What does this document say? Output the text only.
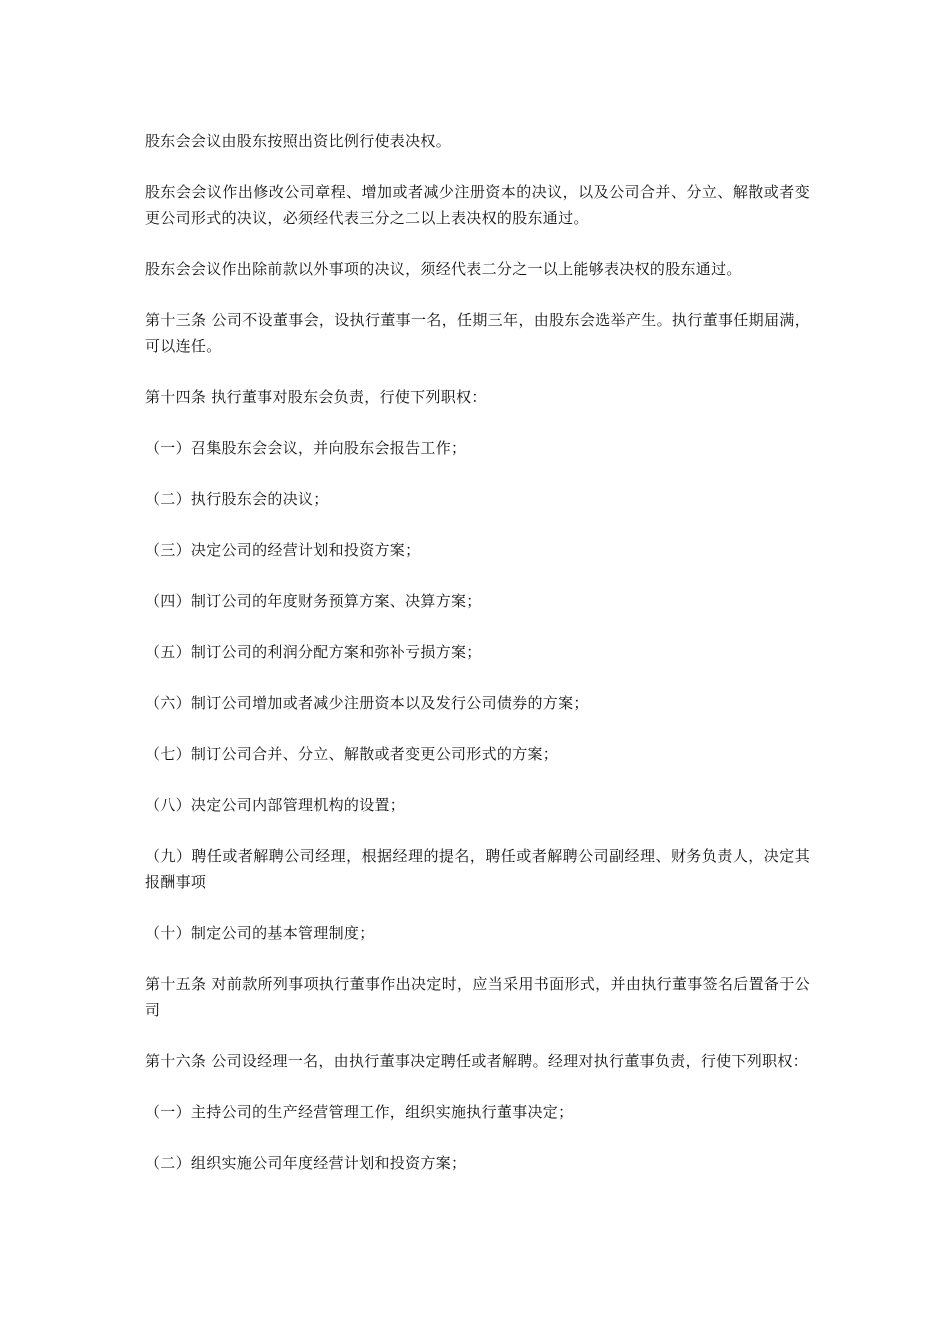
股东会会议由股东按照出资比例行使表决权。

股东会会议作出修改公司章程、增加或者减少注册资本的决议，以及公司合并、分立、解散或者变更公司形式的决议，必须经代表三分之二以上表决权的股东通过。

股东会会议作出除前款以外事项的决议，须经代表二分之一以上能够表决权的股东通过。

第十三条 公司不设董事会，设执行董事一名，任期三年，由股东会选举产生。执行董事任期届满，可以连任。

第十四条 执行董事对股东会负责，行使下列职权：

（一）召集股东会会议，并向股东会报告工作；

（二）执行股东会的决议；

（三）决定公司的经营计划和投资方案；

（四）制订公司的年度财务预算方案、决算方案；

（五）制订公司的利润分配方案和弥补亏损方案；

（六）制订公司增加或者减少注册资本以及发行公司债券的方案；

（七）制订公司合并、分立、解散或者变更公司形式的方案；

（八）决定公司内部管理机构的设置；

（九）聘任或者解聘公司经理，根据经理的提名，聘任或者解聘公司副经理、财务负责人，决定其报酬事项

（十）制定公司的基本管理制度；

第十五条 对前款所列事项执行董事作出决定时，应当采用书面形式，并由执行董事签名后置备于公司

第十六条 公司设经理一名，由执行董事决定聘任或者解聘。经理对执行董事负责，行使下列职权：

（一）主持公司的生产经营管理工作，组织实施执行董事决定；

（二）组织实施公司年度经营计划和投资方案；
